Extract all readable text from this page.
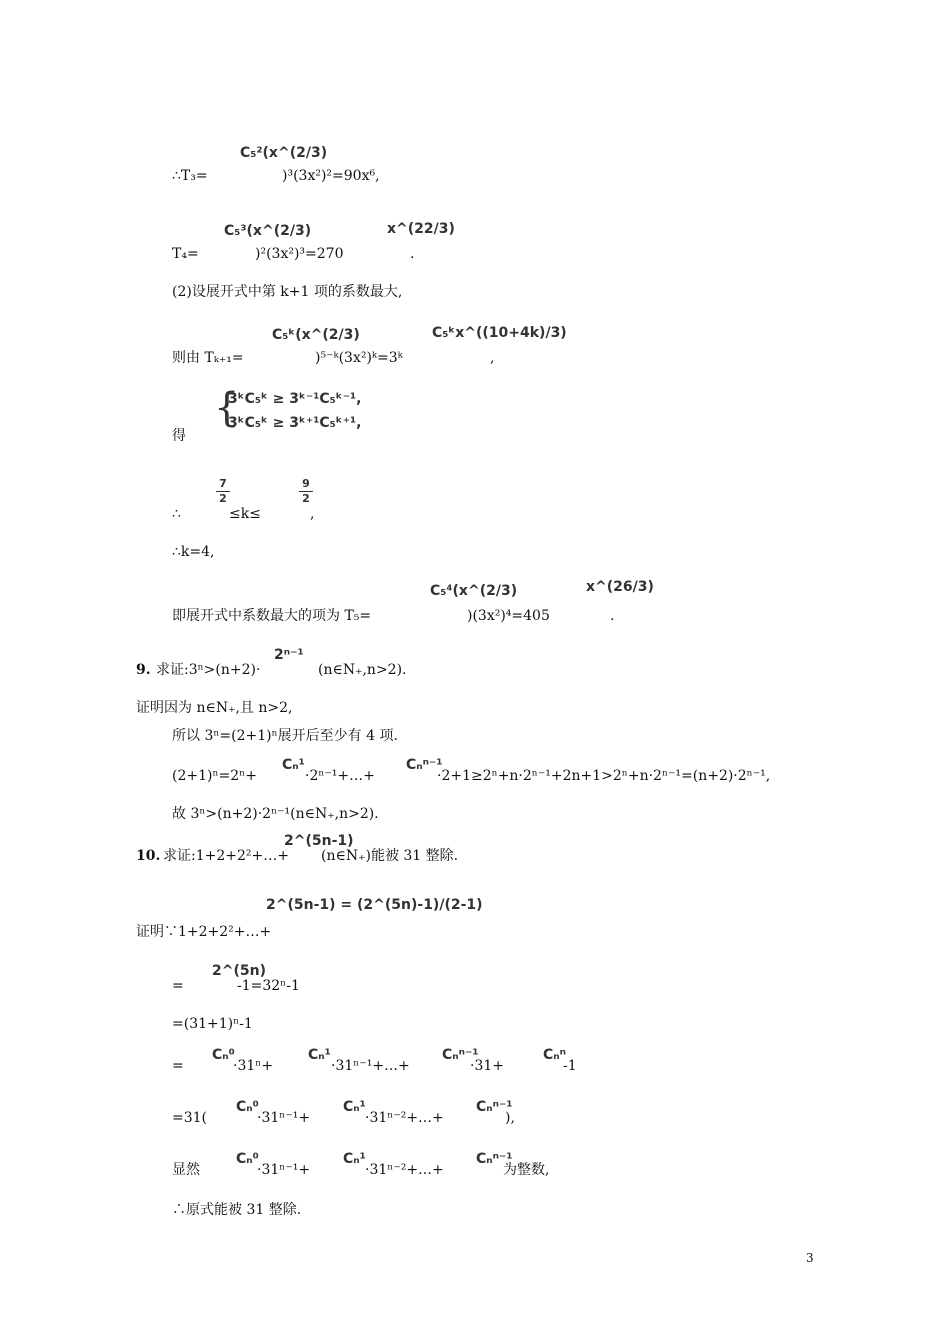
∴T₃=
C₅²(x^(2/3)
)³(3x²)²=90x⁶,
T₄=
C₅³(x^(2/3)
)²(3x²)³=270
x^(22/3)
.
(2)设展开式中第 k+1 项的系数最大,
则由 Tₖ₊₁=
C₅ᵏ(x^(2/3)
)⁵⁻ᵏ(3x²)ᵏ=3ᵏ
C₅ᵏx^((10+4k)/3)
,
得
{
3ᵏC₅ᵏ ≥ 3ᵏ⁻¹C₅ᵏ⁻¹,
3ᵏC₅ᵏ ≥ 3ᵏ⁺¹C₅ᵏ⁺¹,
∴
7
2
≤k≤
9
2
,
∴k=4,
即展开式中系数最大的项为 T₅=
C₅⁴(x^(2/3)
)(3x²)⁴=405
x^(26/3)
.
9. 求证:3ⁿ>(n+2)·
2ⁿ⁻¹
(n∈N₊,n>2).
证明因为 n∈N₊,且 n>2,
所以 3ⁿ=(2+1)ⁿ展开后至少有 4 项.
(2+1)ⁿ=2ⁿ+
Cₙ¹
·2ⁿ⁻¹+…+
Cₙⁿ⁻¹
·2+1≥2ⁿ+n·2ⁿ⁻¹+2n+1>2ⁿ+n·2ⁿ⁻¹=(n+2)·2ⁿ⁻¹,
故 3ⁿ>(n+2)·2ⁿ⁻¹(n∈N₊,n>2).
10. 求证:1+2+2²+…+
2^(5n-1)
(n∈N₊)能被 31 整除.
证明∵1+2+2²+…+
2^(5n-1) = (2^(5n)-1)/(2-1)
=
2^(5n)
-1=32ⁿ-1
=(31+1)ⁿ-1
=
Cₙ⁰
·31ⁿ+
Cₙ¹
·31ⁿ⁻¹+…+
Cₙⁿ⁻¹
·31+
Cₙⁿ
-1
=31(
Cₙ⁰
·31ⁿ⁻¹+
Cₙ¹
·31ⁿ⁻²+…+
Cₙⁿ⁻¹
),
显然
Cₙ⁰
·31ⁿ⁻¹+
Cₙ¹
·31ⁿ⁻²+…+
Cₙⁿ⁻¹
为整数,
∴原式能被 31 整除.
3
